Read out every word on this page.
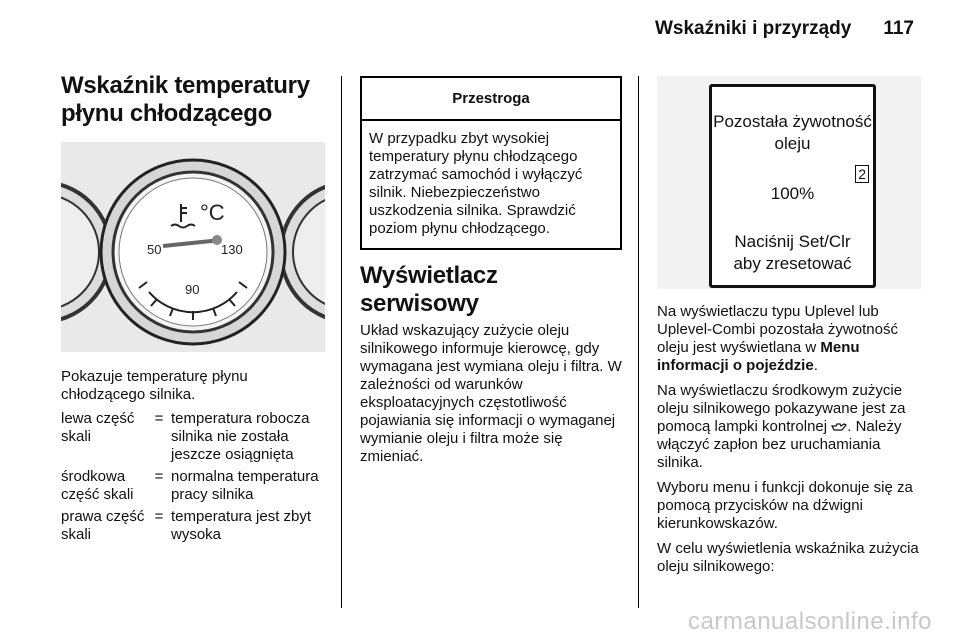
Wskaźniki i przyrządy 117
Wskaźnik temperatury płynu chłodzącego
°C
50	130
90

Pokazuje temperaturę płynu chłodzącego silnika.

lewa część skali
= temperatura robocza silnika nie została jeszcze osiągnięta
środkowa część skali
= normalna temperatura pracy silnika
prawa część skali
= temperatura jest zbyt wysoka
Przestroga
W przypadku zbyt wysokiej temperatury płynu chłodzącego zatrzymać samochód i wyłączyć silnik. Niebezpieczeństwo uszkodzenia silnika. Sprawdzić poziom płynu chłodzącego.
Wyświetlacz serwisowy

Układ wskazujący zużycie oleju silnikowego informuje kierowcę, gdy wymagana jest wymiana oleju i filtra. W zależności od warunków eksploatacyjnych częstotliwość pojawiania się informacji o wymaganej wymianie oleju i filtra może się zmieniać.

Pozostała żywotność oleju
2
100%
Naciśnij Set/Clr
aby zresetować

Na wyświetlaczu typu Uplevel lub Uplevel-Combi pozostała żywotność oleju jest wyświetlana w Menu informacji o pojeździe.

Na wyświetlaczu środkowym zużycie oleju silnikowego pokazywane jest za pomocą lampki kontrolnej . Należy włączyć zapłon bez uruchamiania silnika.

Wyboru menu i funkcji dokonuje się za pomocą przycisków na dźwigni kierunkowskazów.

W celu wyświetlenia wskaźnika zużycia oleju silnikowego:

carmanualsonline.info
